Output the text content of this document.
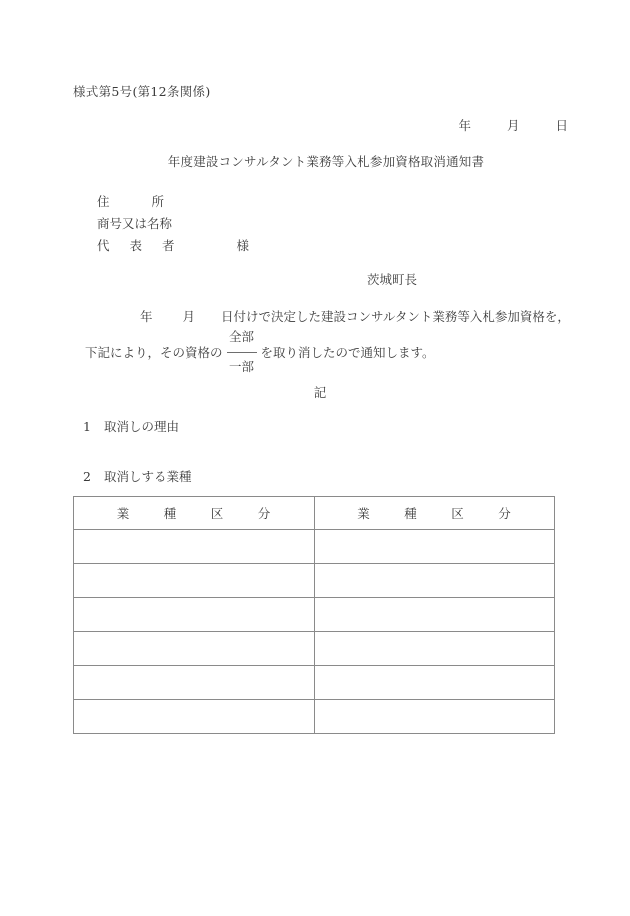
様式第5号(第12条関係)
年	月	日
年度建設コンサルタント業務等入札参加資格取消通知書
住	所
商号又は名称
代 表 者	様
茨城町長
年 月 日付けで決定した建設コンサルタント業務等入札参加資格を，
下記により，その資格の
全部
一部
を取り消したので通知します。
記
1 取消しの理由
2 取消しする業種
業 種 区 分	業 種 区 分
